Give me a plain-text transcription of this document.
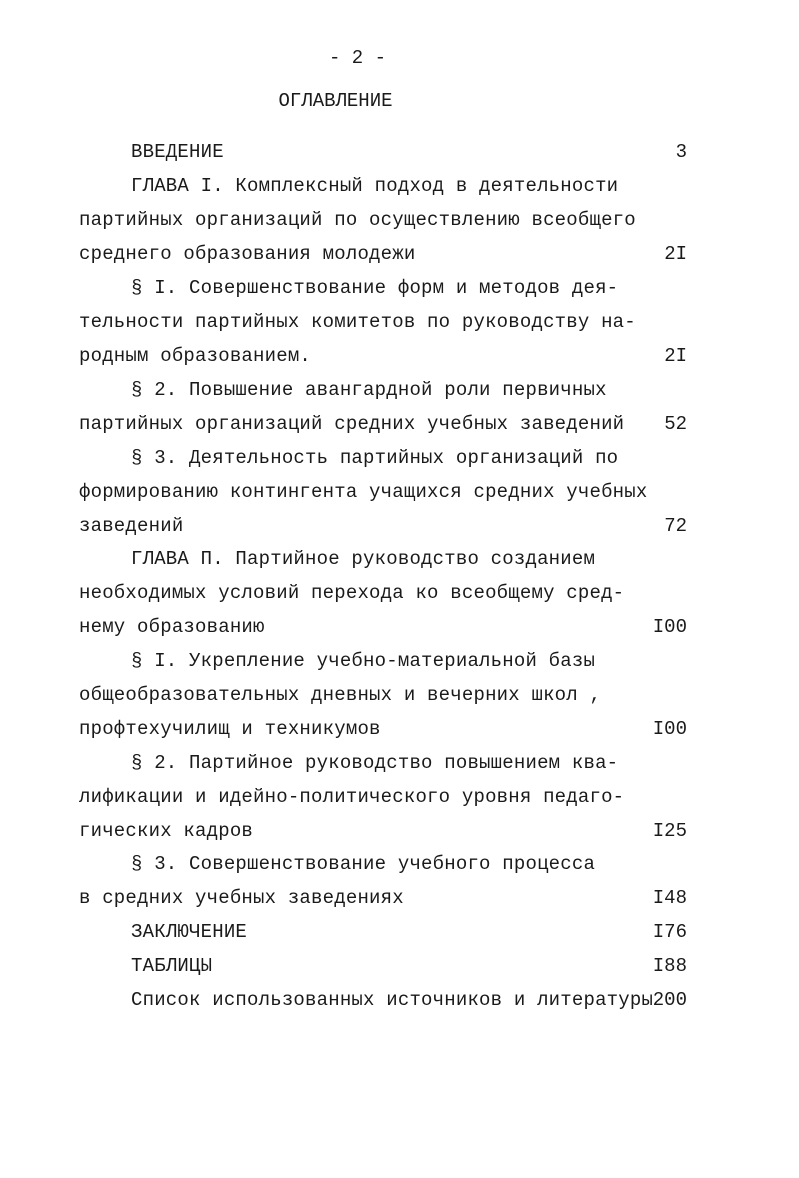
- 2 -
ОГЛАВЛЕНИЕ
ВВЕДЕНИЕ	3
ГЛАВА I. Комплексный подход в деятельности
партийных организаций по осуществлению всеобщего
среднего образования молодежи	2I
§ I. Совершенствование форм и методов дея-
тельности партийных комитетов по руководству на-
родным образованием.	2I
§ 2. Повышение авангардной роли первичных
партийных организаций средних учебных заведений	52
§ 3. Деятельность партийных организаций по
формированию контингента учащихся средних учебных
заведений	72
ГЛАВА П. Партийное руководство созданием
необходимых условий перехода ко всеобщему сред-
нему образованию	I00
§ I. Укрепление учебно-материальной базы
общеобразовательных дневных и вечерних школ ,
профтехучилищ и техникумов	I00
§ 2. Партийное руководство повышением ква-
лификации и идейно-политического уровня педаго-
гических кадров	I25
§ 3. Совершенствование учебного процесса
в средних учебных заведениях	I48
ЗАКЛЮЧЕНИЕ	I76
ТАБЛИЦЫ	I88
Список использованных источников и литературы 200
